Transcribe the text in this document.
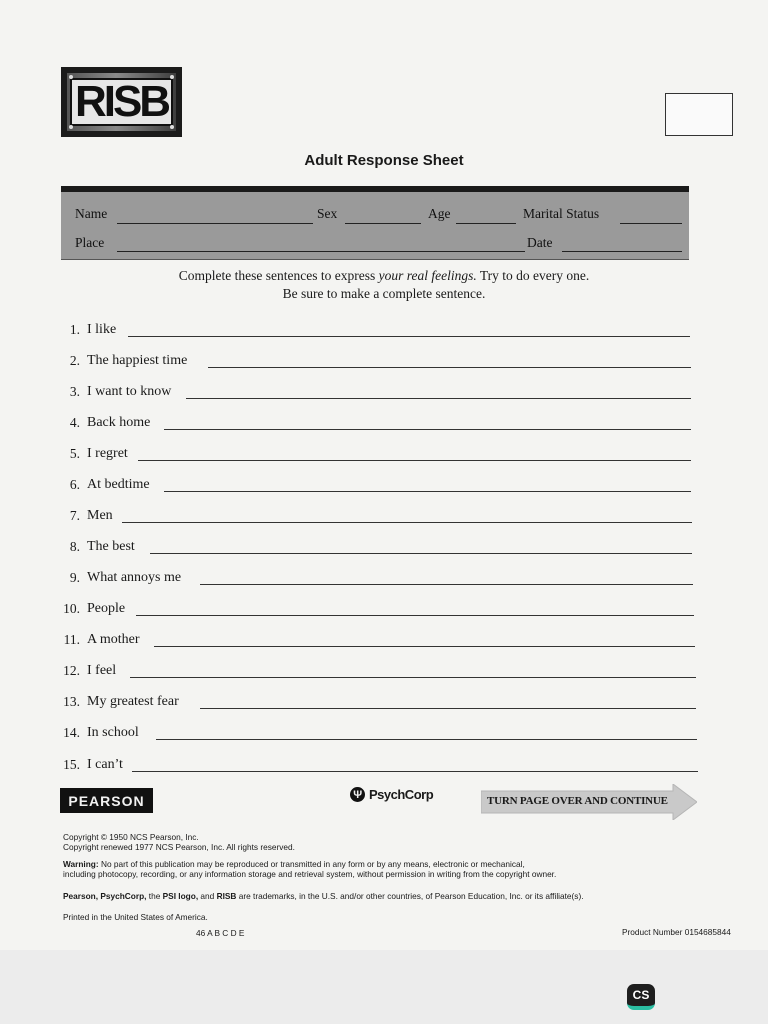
RISB
Adult Response Sheet
Name	Sex	Age	Marital Status
Place	Date
Complete these sentences to express your real feelings. Try to do every one.
Be sure to make a complete sentence.
1. I like
2. The happiest time
3. I want to know
4. Back home
5. I regret
6. At bedtime
7. Men
8. The best
9. What annoys me
10. People
11. A mother
12. I feel
13. My greatest fear
14. In school
15. I can’t
PEARSON	Ψ PsychCorp	TURN PAGE OVER AND CONTINUE
Copyright © 1950 NCS Pearson, Inc.
Copyright renewed 1977 NCS Pearson, Inc. All rights reserved.
Warning: No part of this publication may be reproduced or transmitted in any form or by any means, electronic or mechanical,
including photocopy, recording, or any information storage and retrieval system, without permission in writing from the copyright owner.
Pearson, PsychCorp, the PSI logo, and RISB are trademarks, in the U.S. and/or other countries, of Pearson Education, Inc. or its affiliate(s).
Printed in the United States of America.
46 A B C D E	Product Number 0154685844
CS
